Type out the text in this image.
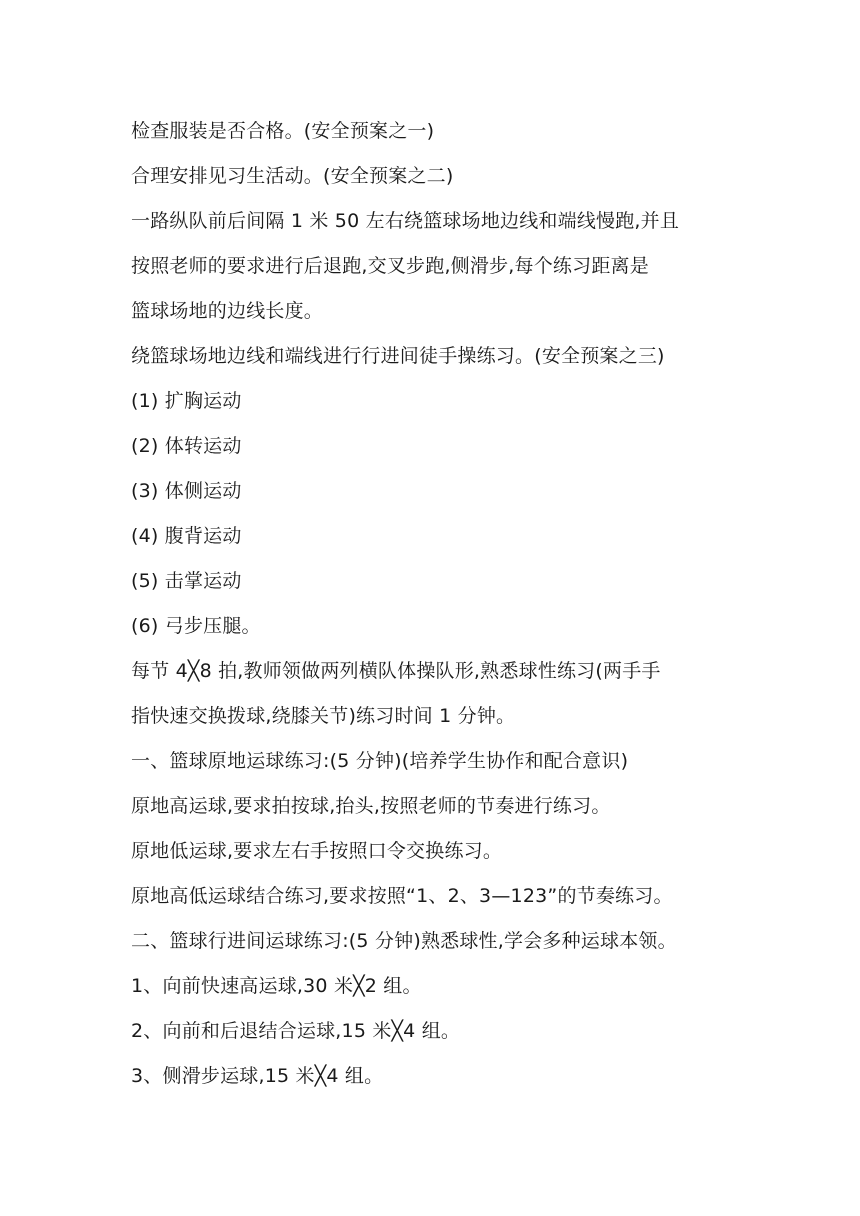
检查服装是否合格。(安全预案之一)
合理安排见习生活动。(安全预案之二)
一路纵队前后间隔 1 米 50 左右绕篮球场地边线和端线慢跑,并且
按照老师的要求进行后退跑,交叉步跑,侧滑步,每个练习距离是
篮球场地的边线长度。
绕篮球场地边线和端线进行行进间徒手操练习。(安全预案之三)
(1) 扩胸运动
(2) 体转运动
(3) 体侧运动
(4) 腹背运动
(5) 击掌运动
(6) 弓步压腿。
每节 4╳8 拍,教师领做两列横队体操队形,熟悉球性练习(两手手
指快速交换拨球,绕膝关节)练习时间 1 分钟。
一、篮球原地运球练习:(5 分钟)(培养学生协作和配合意识)
原地高运球,要求拍按球,抬头,按照老师的节奏进行练习。
原地低运球,要求左右手按照口令交换练习。
原地高低运球结合练习,要求按照“1、2、3—123”的节奏练习。
二、篮球行进间运球练习:(5 分钟)熟悉球性,学会多种运球本领。
1、向前快速高运球,30 米╳2 组。
2、向前和后退结合运球,15 米╳4 组。
3、侧滑步运球,15 米╳4 组。
